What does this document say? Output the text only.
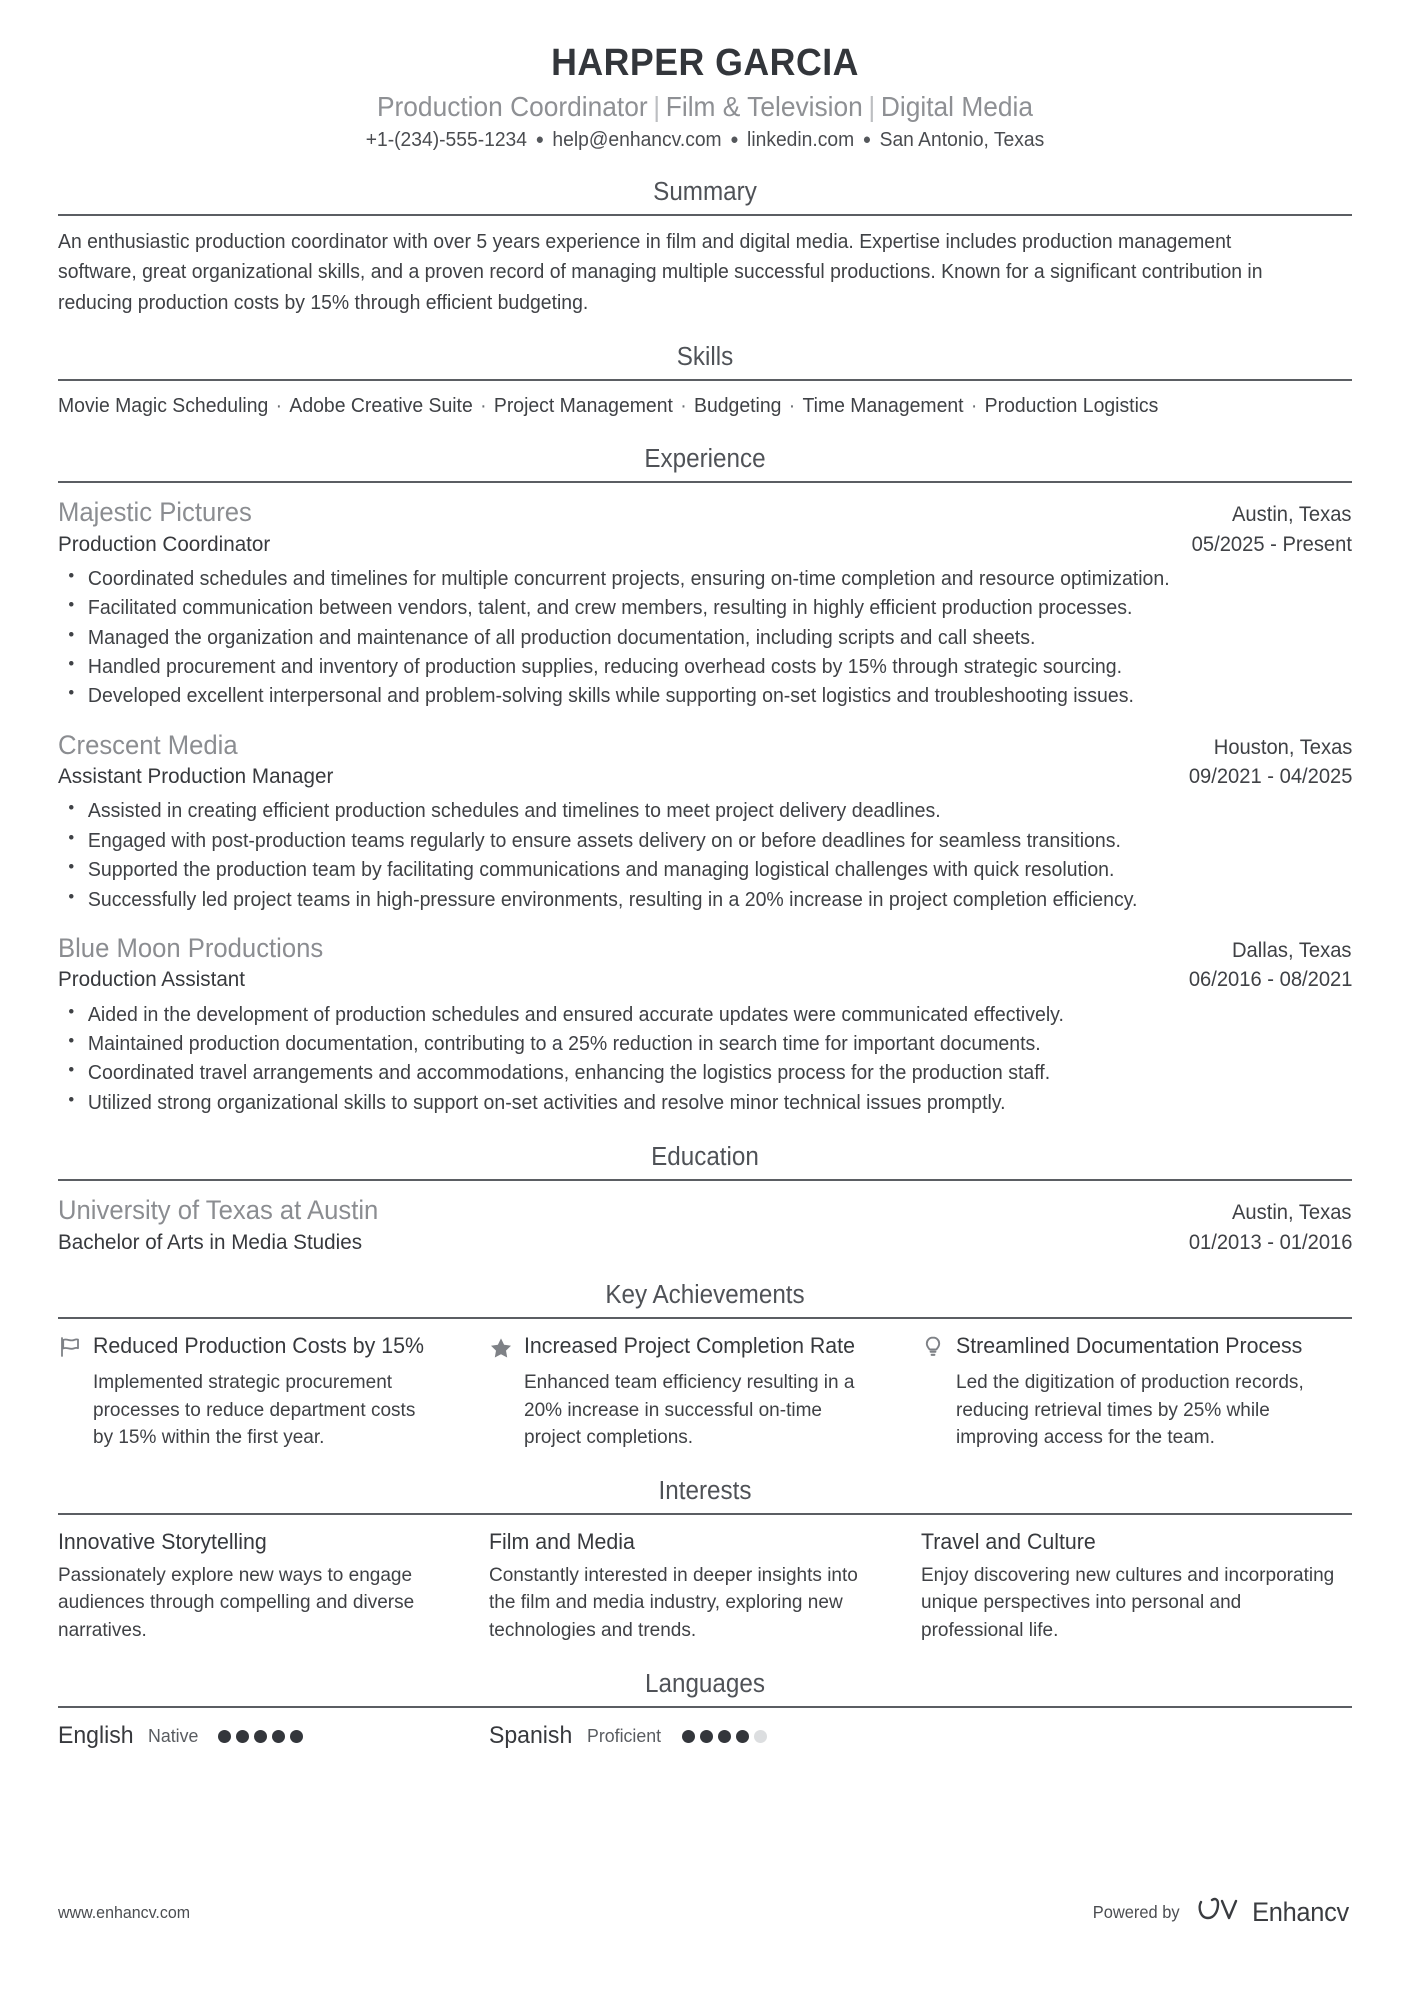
HARPER GARCIA
Production Coordinator | Film & Television | Digital Media
+1-(234)-555-1234 ● help@enhancv.com ● linkedin.com ● San Antonio, Texas
Summary
An enthusiastic production coordinator with over 5 years experience in film and digital media. Expertise includes production management software, great organizational skills, and a proven record of managing multiple successful productions. Known for a significant contribution in reducing production costs by 15% through efficient budgeting.
Skills
Movie Magic Scheduling · Adobe Creative Suite · Project Management · Budgeting · Time Management · Production Logistics
Experience
Majestic Pictures	Austin, Texas
Production Coordinator	05/2025 - Present
• Coordinated schedules and timelines for multiple concurrent projects, ensuring on-time completion and resource optimization.
• Facilitated communication between vendors, talent, and crew members, resulting in highly efficient production processes.
• Managed the organization and maintenance of all production documentation, including scripts and call sheets.
• Handled procurement and inventory of production supplies, reducing overhead costs by 15% through strategic sourcing.
• Developed excellent interpersonal and problem-solving skills while supporting on-set logistics and troubleshooting issues.
Crescent Media	Houston, Texas
Assistant Production Manager	09/2021 - 04/2025
• Assisted in creating efficient production schedules and timelines to meet project delivery deadlines.
• Engaged with post-production teams regularly to ensure assets delivery on or before deadlines for seamless transitions.
• Supported the production team by facilitating communications and managing logistical challenges with quick resolution.
• Successfully led project teams in high-pressure environments, resulting in a 20% increase in project completion efficiency.
Blue Moon Productions	Dallas, Texas
Production Assistant	06/2016 - 08/2021
• Aided in the development of production schedules and ensured accurate updates were communicated effectively.
• Maintained production documentation, contributing to a 25% reduction in search time for important documents.
• Coordinated travel arrangements and accommodations, enhancing the logistics process for the production staff.
• Utilized strong organizational skills to support on-set activities and resolve minor technical issues promptly.
Education
University of Texas at Austin	Austin, Texas
Bachelor of Arts in Media Studies	01/2013 - 01/2016
Key Achievements
Reduced Production Costs by 15%
Implemented strategic procurement processes to reduce department costs by 15% within the first year.
Increased Project Completion Rate
Enhanced team efficiency resulting in a 20% increase in successful on-time project completions.
Streamlined Documentation Process
Led the digitization of production records, reducing retrieval times by 25% while improving access for the team.
Interests
Innovative Storytelling
Passionately explore new ways to engage audiences through compelling and diverse narratives.
Film and Media
Constantly interested in deeper insights into the film and media industry, exploring new technologies and trends.
Travel and Culture
Enjoy discovering new cultures and incorporating unique perspectives into personal and professional life.
Languages
English Native	Spanish Proficient
www.enhancv.com	Powered by	Enhancv
